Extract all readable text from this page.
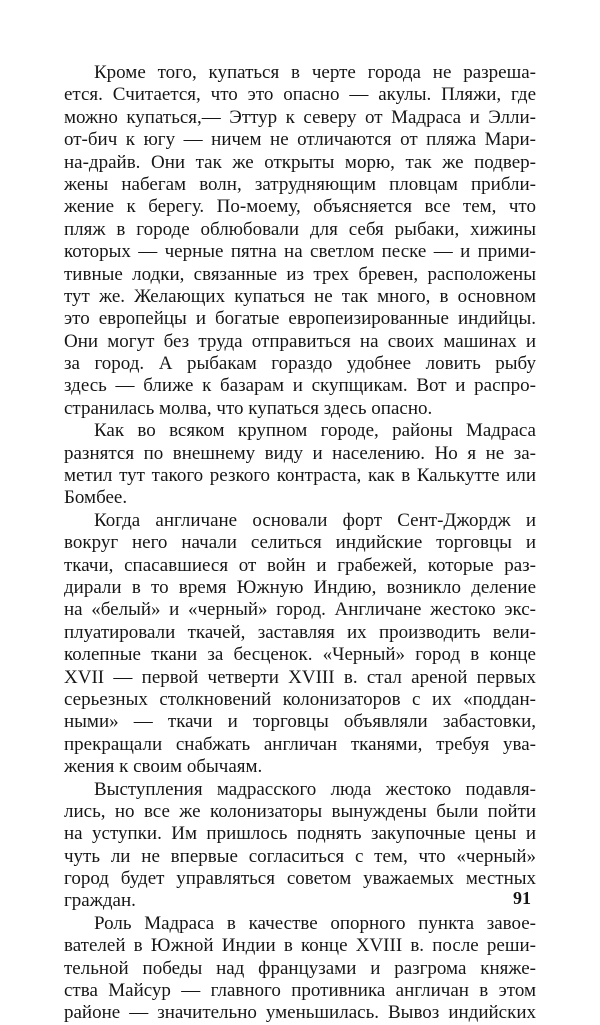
Кроме того, купаться в черте города не разреша-
ется. Считается, что это опасно — акулы. Пляжи, где
можно купаться,— Эттур к северу от Мадраса и Элли-
от-бич к югу — ничем не отличаются от пляжа Мари-
на-драйв. Они так же открыты морю, так же подвер-
жены набегам волн, затрудняющим пловцам прибли-
жение к берегу. По-моему, объясняется все тем, что
пляж в городе облюбовали для себя рыбаки, хижины
которых — черные пятна на светлом песке — и прими-
тивные лодки, связанные из трех бревен, расположены
тут же. Желающих купаться не так много, в основном
это европейцы и богатые европеизированные индийцы.
Они могут без труда отправиться на своих машинах и
за город. А рыбакам гораздо удобнее ловить рыбу
здесь — ближе к базарам и скупщикам. Вот и распро-
странилась молва, что купаться здесь опасно.
Как во всяком крупном городе, районы Мадраса
разнятся по внешнему виду и населению. Но я не за-
метил тут такого резкого контраста, как в Калькутте или
Бомбее.
Когда англичане основали форт Сент-Джордж и
вокруг него начали селиться индийские торговцы и
ткачи, спасавшиеся от войн и грабежей, которые раз-
дирали в то время Южную Индию, возникло деление
на «белый» и «черный» город. Англичане жестоко экс-
плуатировали ткачей, заставляя их производить вели-
колепные ткани за бесценок. «Черный» город в конце
XVII — первой четверти XVIII в. стал ареной первых
серьезных столкновений колонизаторов с их «поддан-
ными» — ткачи и торговцы объявляли забастовки,
прекращали снабжать англичан тканями, требуя ува-
жения к своим обычаям.
Выступления мадрасского люда жестоко подавля-
лись, но все же колонизаторы вынуждены были пойти
на уступки. Им пришлось поднять закупочные цены и
чуть ли не впервые согласиться с тем, что «черный»
город будет управляться советом уважаемых местных
граждан.
Роль Мадраса в качестве опорного пункта завое-
вателей в Южной Индии в конце XVIII в. после реши-
тельной победы над французами и разгрома княже-
ства Майсур — главного противника англичан в этом
районе — значительно уменьшилась. Вывоз индийских
91
